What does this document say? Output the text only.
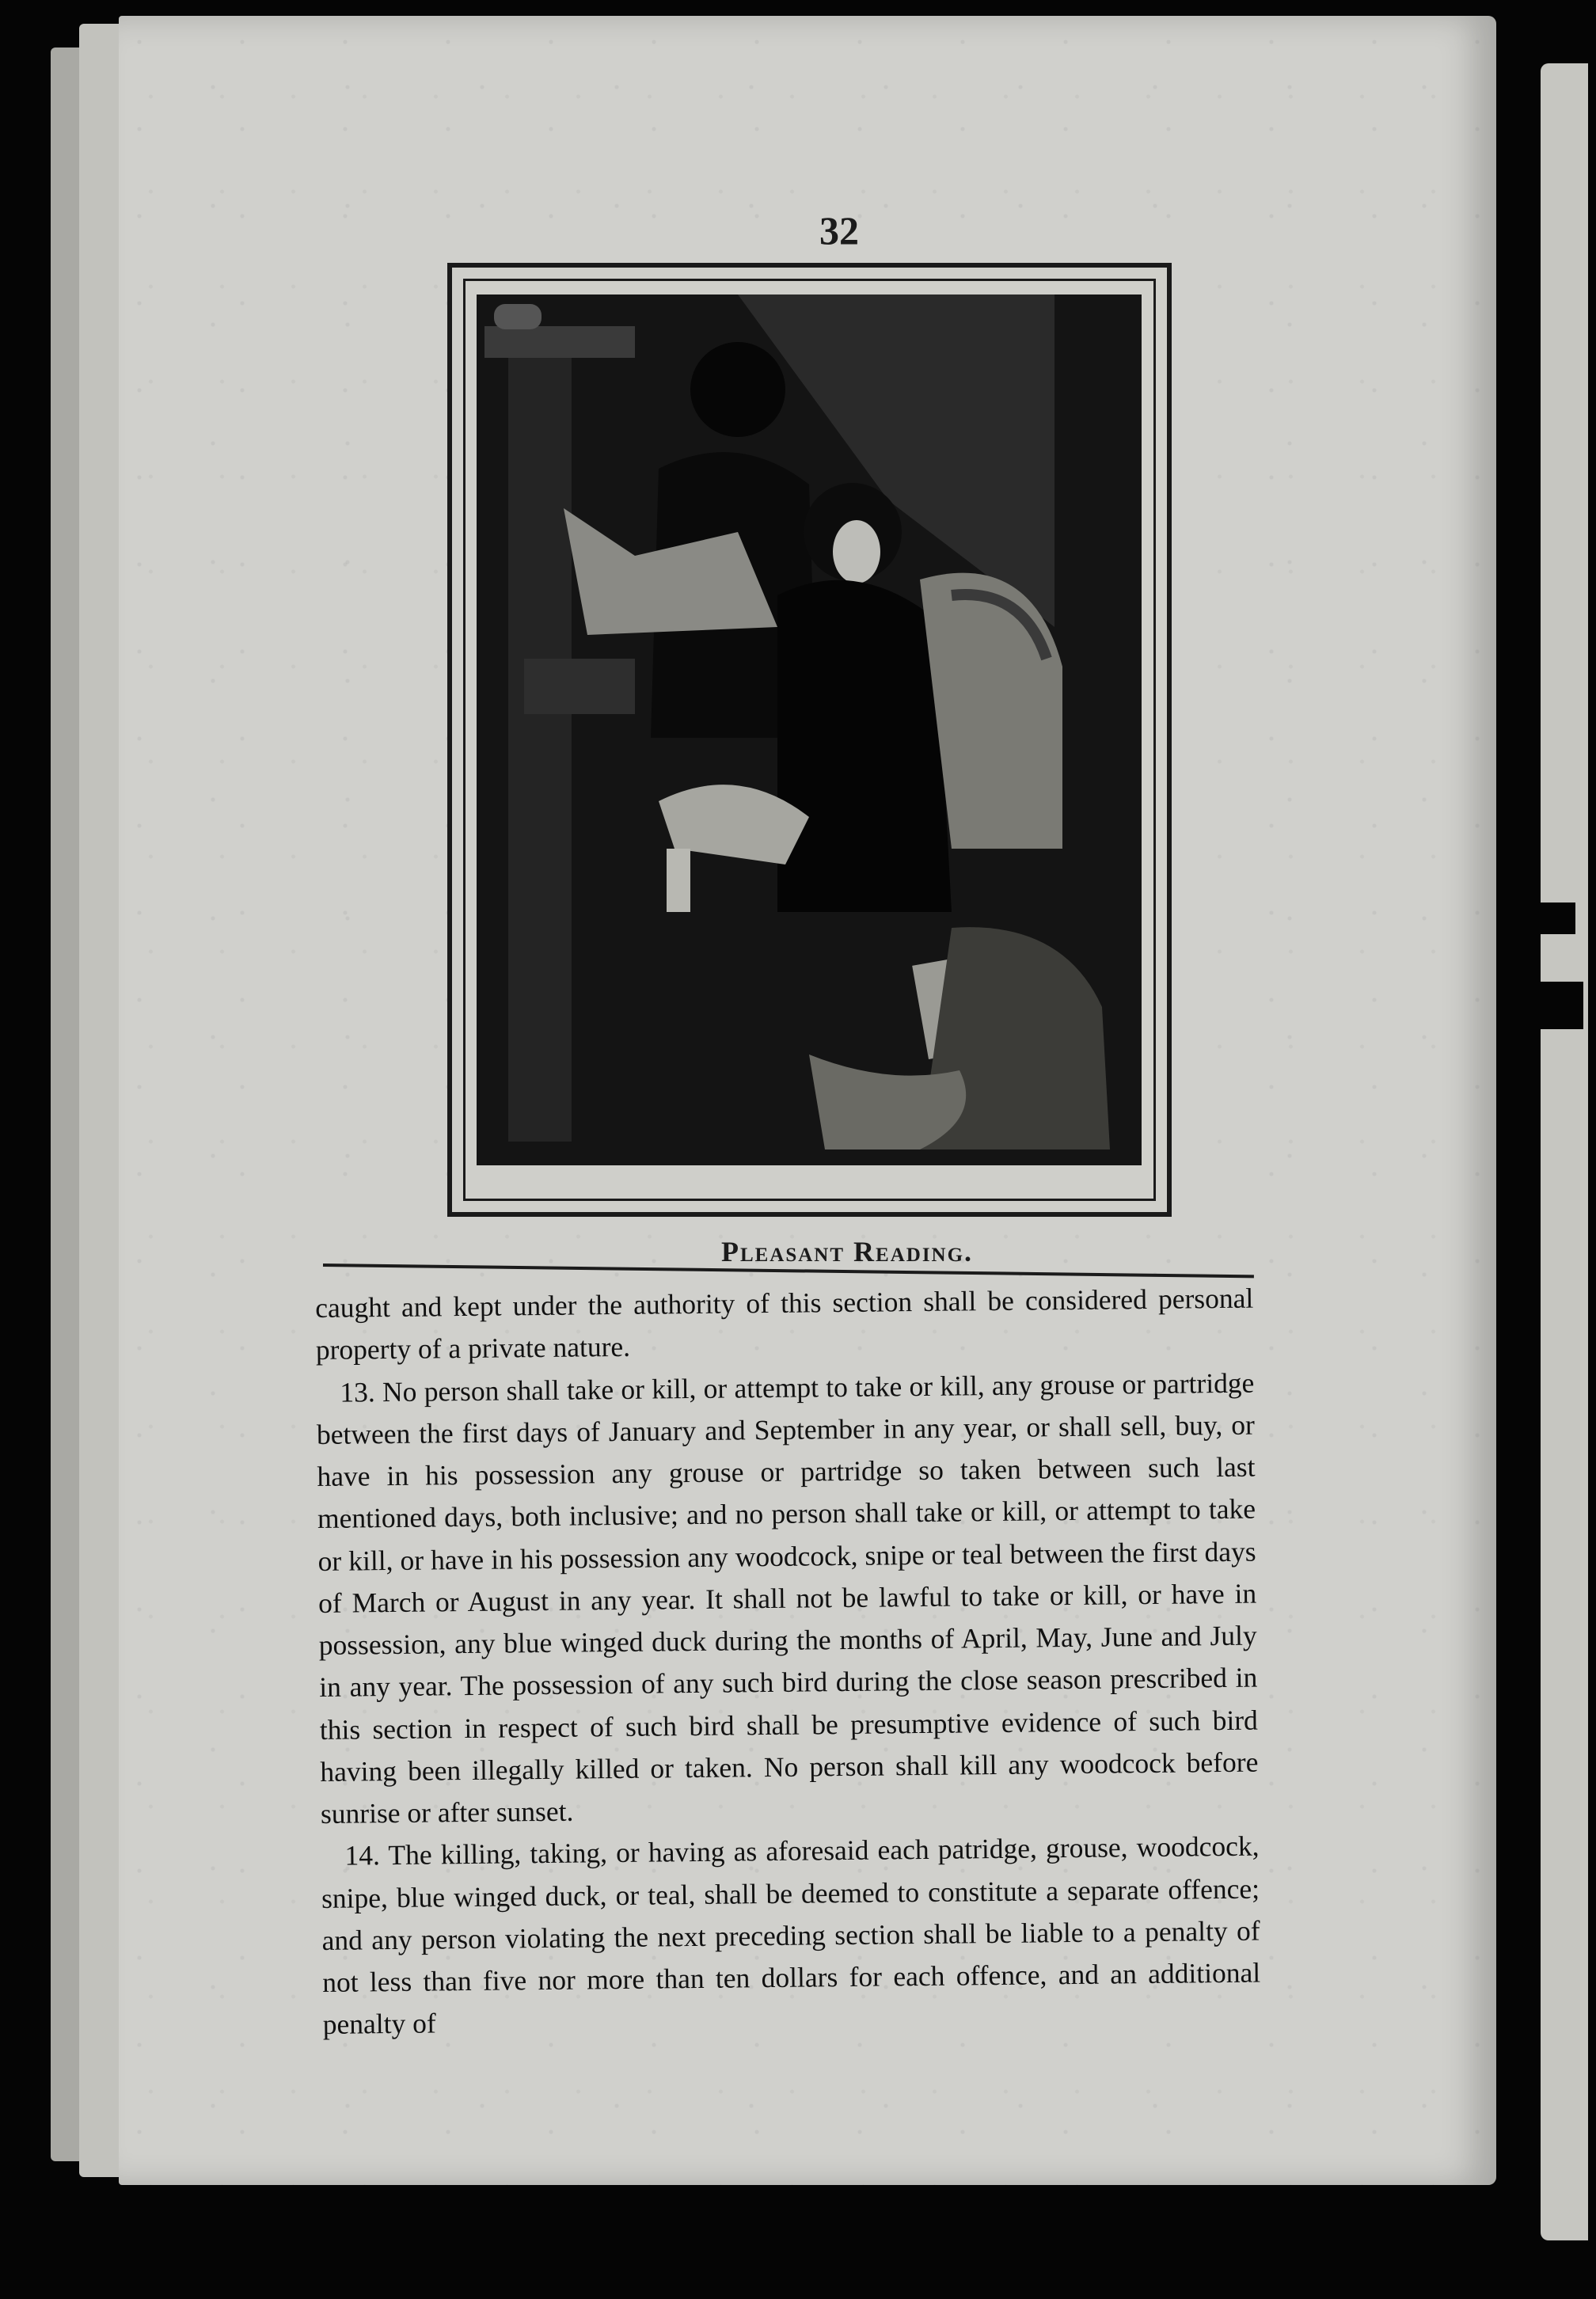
32
Pleasant Reading.

caught and kept under the authority of this section shall be considered personal property of a private nature.

13. No person shall take or kill, or attempt to take or kill, any grouse or partridge between the first days of January and September in any year, or shall sell, buy, or have in his possession any grouse or partridge so taken between such last mentioned days, both inclusive; and no person shall take or kill, or attempt to take or kill, or have in his possession any woodcock, snipe or teal between the first days of March or August in any year. It shall not be lawful to take or kill, or have in possession, any blue winged duck during the months of April, May, June and July in any year. The possession of any such bird during the close season prescribed in this section in respect of such bird shall be presumptive evidence of such bird having been illegally killed or taken. No person shall kill any woodcock before sunrise or after sunset.

14. The killing, taking, or having as aforesaid each patridge, grouse, woodcock, snipe, blue winged duck, or teal, shall be deemed to constitute a separate offence; and any person violating the next preceding section shall be liable to a penalty of not less than five nor more than ten dollars for each offence, and an additional penalty of
